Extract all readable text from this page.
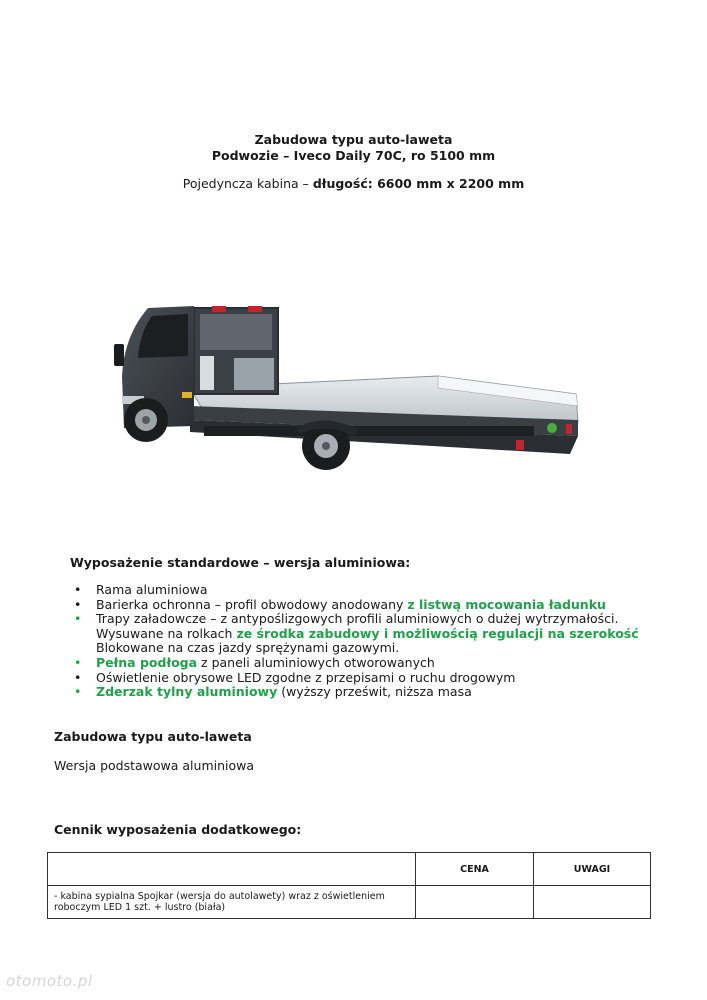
Zabudowa typu auto-laweta
Podwozie – Iveco Daily 70C, ro 5100 mm
Pojedyncza kabina – długość: 6600 mm x 2200 mm
Wyposażenie standardowe – wersja aluminiowa:
•	Rama aluminiowa
•	Barierka ochronna – profil obwodowy anodowany z listwą mocowania ładunku
•	Trapy załadowcze – z antypoślizgowych profili aluminiowych o dużej wytrzymałości.
Wysuwane na rolkach ze środka zabudowy i możliwością regulacji na szerokość
Blokowane na czas jazdy sprężynami gazowymi.
•	Pełna podłoga z paneli aluminiowych otworowanych
•	Oświetlenie obrysowe LED zgodne z przepisami o ruchu drogowym
•	Zderzak tylny aluminiowy (wyższy prześwit, niższa masa
Zabudowa typu auto-laweta
Wersja podstawowa aluminiowa
Cennik wyposażenia dodatkowego:
	CENA	UWAGI
- kabina sypialna Spojkar (wersja do autolawety) wraz z oświetleniem
roboczym LED 1 szt. + lustro (biała)		
otomoto.pl
